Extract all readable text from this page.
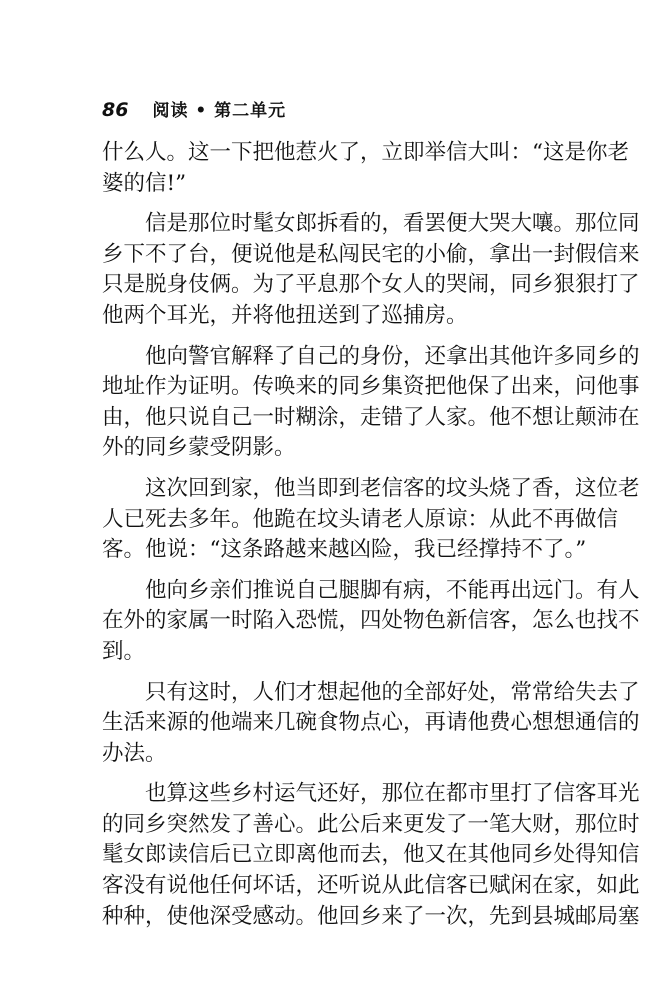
86 阅读 • 第二单元
什么人。这一下把他惹火了，立即举信大叫：“这是你老
婆的信!”
信是那位时髦女郎拆看的，看罢便大哭大嚷。那位同
乡下不了台，便说他是私闯民宅的小偷，拿出一封假信来
只是脱身伎俩。为了平息那个女人的哭闹，同乡狠狠打了
他两个耳光，并将他扭送到了巡捕房。
他向警官解释了自己的身份，还拿出其他许多同乡的
地址作为证明。传唤来的同乡集资把他保了出来，问他事
由，他只说自己一时糊涂，走错了人家。他不想让颠沛在
外的同乡蒙受阴影。
这次回到家，他当即到老信客的坟头烧了香，这位老
人已死去多年。他跪在坟头请老人原谅：从此不再做信
客。他说：“这条路越来越凶险，我已经撑持不了。”
他向乡亲们推说自己腿脚有病，不能再出远门。有人
在外的家属一时陷入恐慌，四处物色新信客，怎么也找不
到。
只有这时，人们才想起他的全部好处，常常给失去了
生活来源的他端来几碗食物点心，再请他费心想想通信的
办法。
也算这些乡村运气还好，那位在都市里打了信客耳光
的同乡突然发了善心。此公后来更发了一笔大财，那位时
髦女郎读信后已立即离他而去，他又在其他同乡处得知信
客没有说他任何坏话，还听说从此信客已赋闲在家，如此
种种，使他深受感动。他回乡来了一次，先到县城邮局塞
